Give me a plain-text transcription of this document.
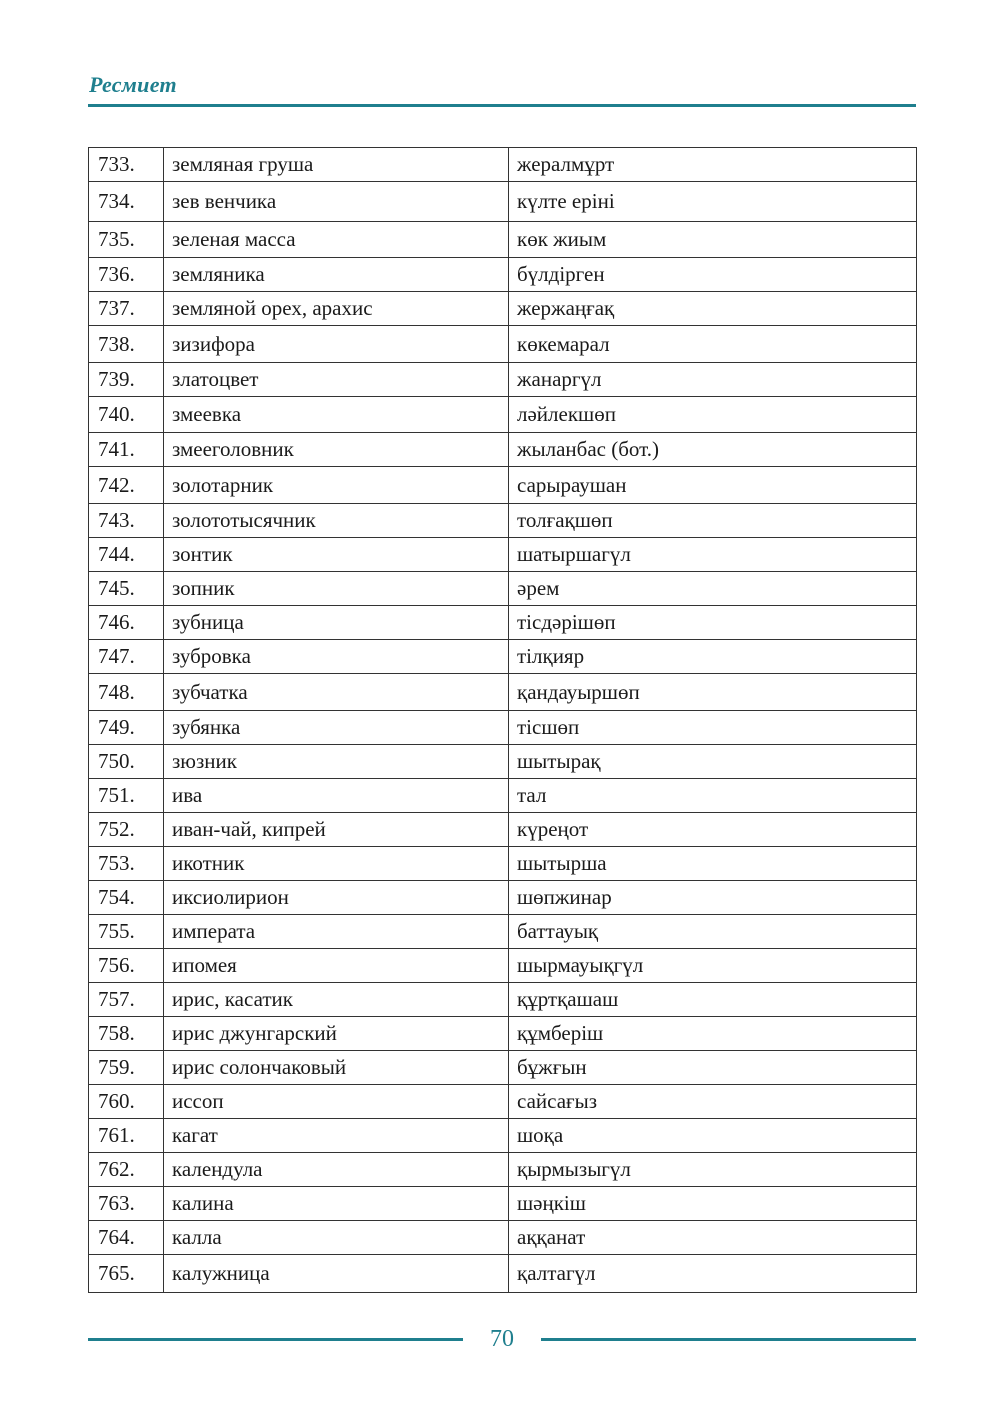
Ресмиет
733.	земляная груша	жералмұрт
734.	зев венчика	күлте ерiнi
735.	зеленая масса	көк жиым
736.	земляника	бүлдiрген
737.	земляной орех, арахис	жержаңғақ
738.	зизифора	көкемарал
739.	златоцвет	жанаргүл
740.	змеевка	ләйлекшөп
741.	змееголовник	жыланбас (бот.)
742.	золотарник	сарыраушан
743.	золототысячник	толғақшөп
744.	зонтик	шатыршагүл
745.	зопник	әрем
746.	зубница	тiсдәрiшөп
747.	зубровка	тiлқияр
748.	зубчатка	қандауыршөп
749.	зубянка	тiсшөп
750.	зюзник	шытырақ
751.	ива	тал
752.	иван-чай, кипрей	күреңот
753.	икотник	шытырша
754.	иксиолирион	шөпжинар
755.	императа	баттауық
756.	ипомея	шырмауықгүл
757.	ирис, касатик	құртқашаш
758.	ирис джунгарский	құмберiш
759.	ирис солончаковый	бұжғын
760.	иссоп	сайсағыз
761.	кагат	шоқа
762.	календула	қырмызыгүл
763.	калина	шәңкiш
764.	калла	аққанат
765.	калужница	қалтагүл
70
